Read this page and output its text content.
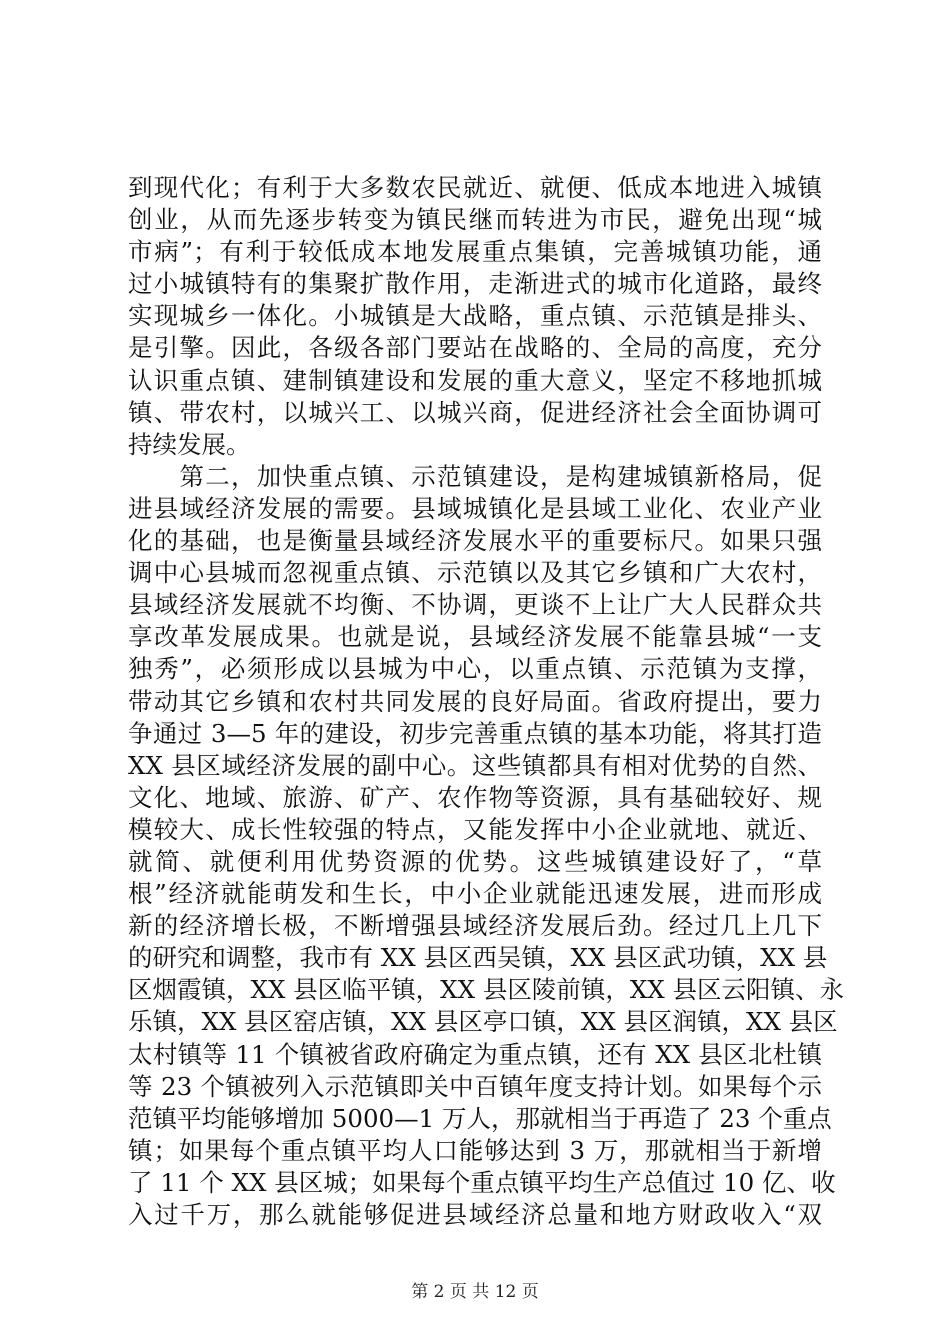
到现代化；有利于大多数农民就近、就便、低成本地进入城镇
创业，从而先逐步转变为镇民继而转进为市民，避免出现“城
市病”；有利于较低成本地发展重点集镇，完善城镇功能，通
过小城镇特有的集聚扩散作用，走渐进式的城市化道路，最终
实现城乡一体化。小城镇是大战略，重点镇、示范镇是排头、
是引擎。因此，各级各部门要站在战略的、全局的高度，充分
认识重点镇、建制镇建设和发展的重大意义，坚定不移地抓城
镇、带农村，以城兴工、以城兴商，促进经济社会全面协调可
持续发展。
　　第二，加快重点镇、示范镇建设，是构建城镇新格局，促
进县域经济发展的需要。县域城镇化是县域工业化、农业产业
化的基础，也是衡量县域经济发展水平的重要标尺。如果只强
调中心县城而忽视重点镇、示范镇以及其它乡镇和广大农村，
县域经济发展就不均衡、不协调，更谈不上让广大人民群众共
享改革发展成果。也就是说，县域经济发展不能靠县城“一支
独秀”，必须形成以县城为中心，以重点镇、示范镇为支撑，
带动其它乡镇和农村共同发展的良好局面。省政府提出，要力
争通过 3—5 年的建设，初步完善重点镇的基本功能，将其打造
XX 县区域经济发展的副中心。这些镇都具有相对优势的自然、
文化、地域、旅游、矿产、农作物等资源，具有基础较好、规
模较大、成长性较强的特点，又能发挥中小企业就地、就近、
就简、就便利用优势资源的优势。这些城镇建设好了，“草
根”经济就能萌发和生长，中小企业就能迅速发展，进而形成
新的经济增长极，不断增强县域经济发展后劲。经过几上几下
的研究和调整，我市有 XX 县区西吴镇，XX 县区武功镇，XX 县
区烟霞镇，XX 县区临平镇，XX 县区陵前镇，XX 县区云阳镇、永
乐镇，XX 县区窑店镇，XX 县区亭口镇，XX 县区润镇，XX 县区
太村镇等 11 个镇被省政府确定为重点镇，还有 XX 县区北杜镇
等 23 个镇被列入示范镇即关中百镇年度支持计划。如果每个示
范镇平均能够增加 5000—1 万人，那就相当于再造了 23 个重点
镇；如果每个重点镇平均人口能够达到 3 万，那就相当于新增
了 11 个 XX 县区城；如果每个重点镇平均生产总值过 10 亿、收
入过千万，那么就能够促进县域经济总量和地方财政收入“双
第 2 页 共 12 页
